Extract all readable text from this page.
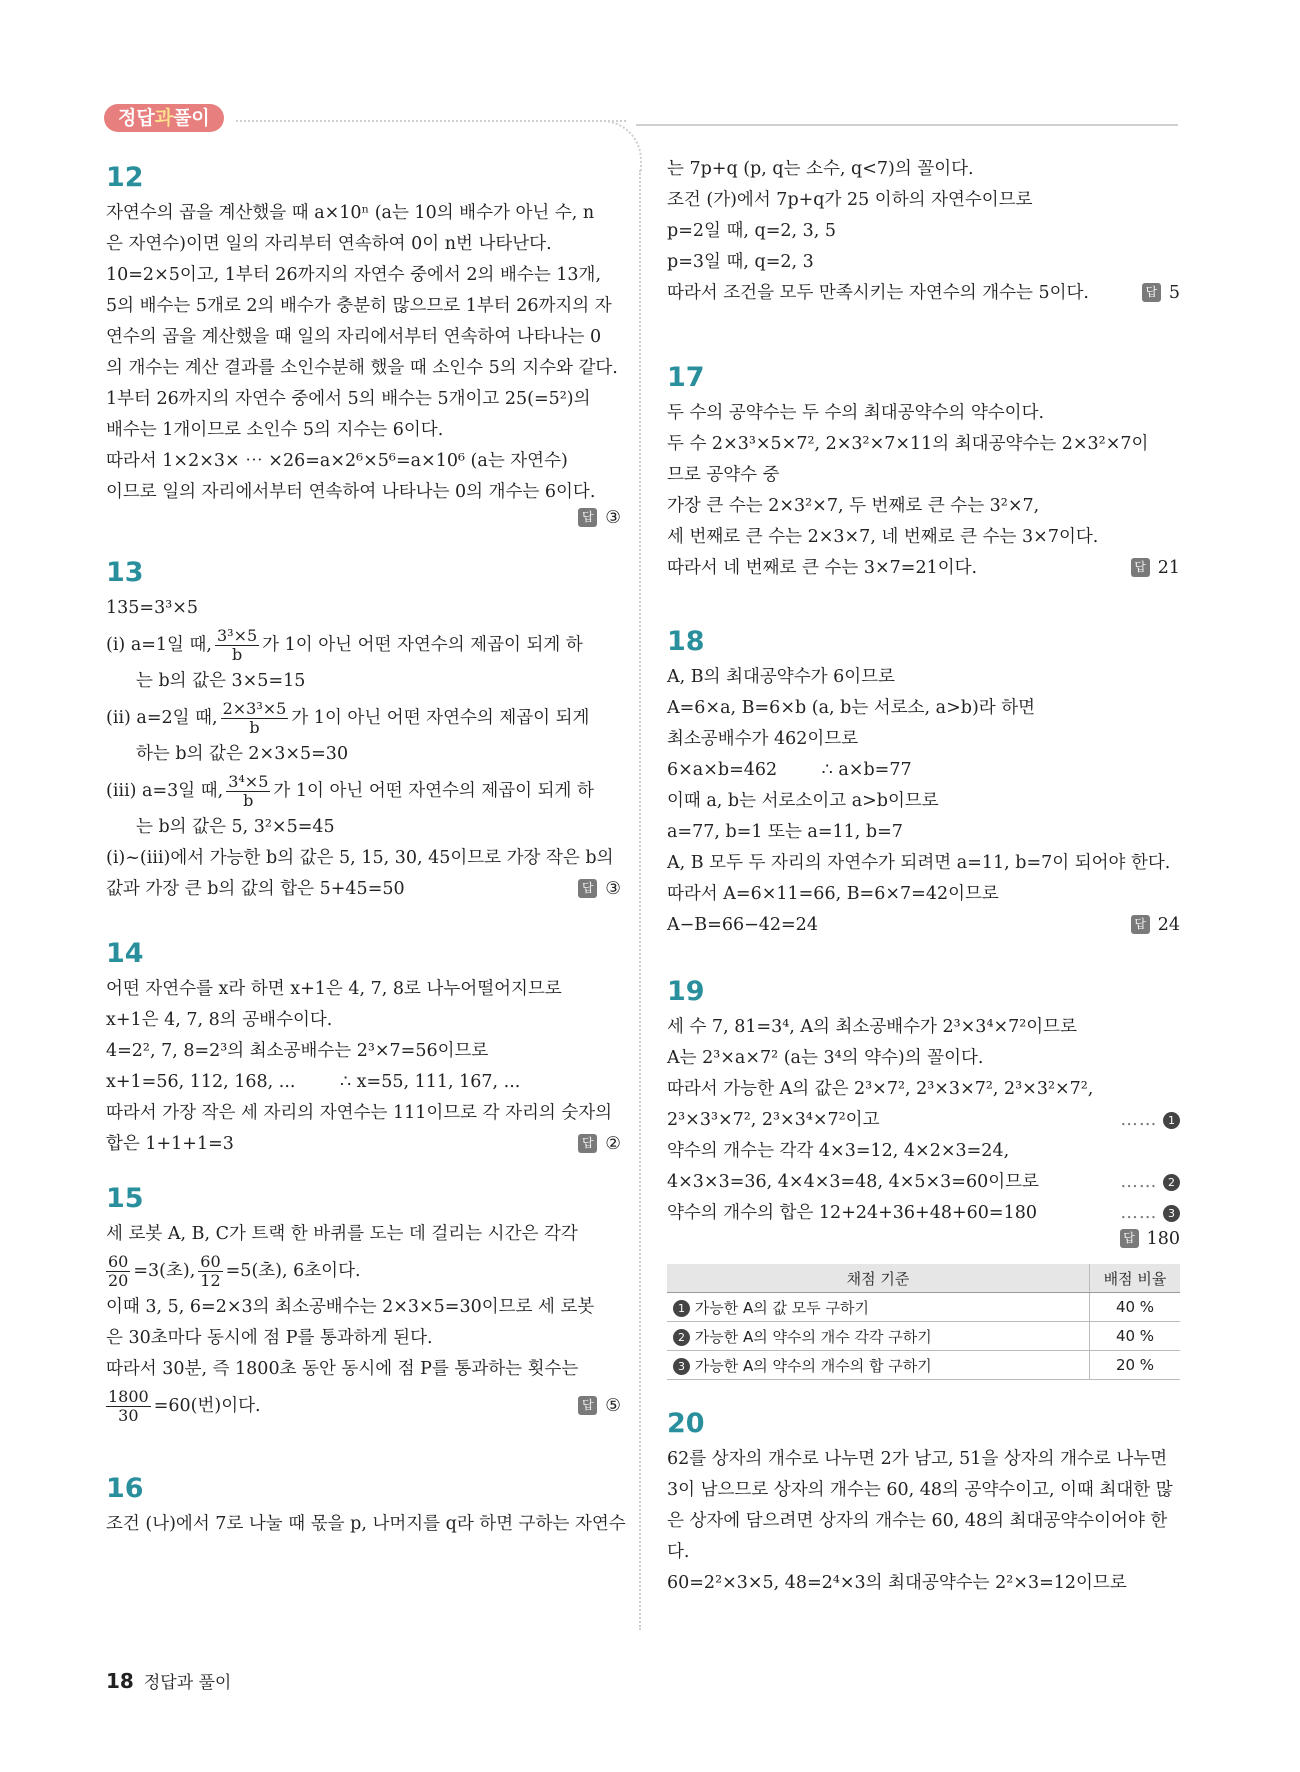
정답과풀이
12
자연수의 곱을 계산했을 때 a×10ⁿ (a는 10의 배수가 아닌 수, n
은 자연수)이면 일의 자리부터 연속하여 0이 n번 나타난다.
10=2×5이고, 1부터 26까지의 자연수 중에서 2의 배수는 13개,
5의 배수는 5개로 2의 배수가 충분히 많으므로 1부터 26까지의 자
연수의 곱을 계산했을 때 일의 자리에서부터 연속하여 나타나는 0
의 개수는 계산 결과를 소인수분해 했을 때 소인수 5의 지수와 같다.
1부터 26까지의 자연수 중에서 5의 배수는 5개이고 25(=5²)의
배수는 1개이므로 소인수 5의 지수는 6이다.
따라서 1×2×3× ⋯ ×26=a×2⁶×5⁶=a×10⁶ (a는 자연수)
이므로 일의 자리에서부터 연속하여 나타나는 0의 개수는 6이다.
답 ③
13
135=3³×5
(ⅰ) a=1일 때, $\frac{\text{3³×5}}{b}$ 가 1이 아닌 어떤 자연수의 제곱이 되게 하
는 b의 값은 3×5=15
(ⅱ) a=2일 때, $\frac{\text{2×3³×5}}{b}$ 가 1이 아닌 어떤 자연수의 제곱이 되게
하는 b의 값은 2×3×5=30
(ⅲ) a=3일 때, $\frac{\text{3⁴×5}}{b}$ 가 1이 아닌 어떤 자연수의 제곱이 되게 하
는 b의 값은 5, 3²×5=45
(ⅰ)~(ⅲ)에서 가능한 b의 값은 5, 15, 30, 45이므로 가장 작은 b의
값과 가장 큰 b의 값의 합은 5+45=50	답 ③
14
어떤 자연수를 x라 하면 x+1은 4, 7, 8로 나누어떨어지므로
x+1은 4, 7, 8의 공배수이다.
4=2², 7, 8=2³의 최소공배수는 2³×7=56이므로
x+1=56, 112, 168, ...        ∴ x=55, 111, 167, ...
따라서 가장 작은 세 자리의 자연수는 111이므로 각 자리의 숫자의
합은 1+1+1=3	답 ②
15
세 로봇 A, B, C가 트랙 한 바퀴를 도는 데 걸리는 시간은 각각
$\frac{60}{20} =3$(초), $\frac{60}{12} =5$(초), 6초이다.
이때 3, 5, 6=2×3의 최소공배수는 2×3×5=30이므로 세 로봇
은 30초마다 동시에 점 P를 통과하게 된다.
따라서 30분, 즉 1800초 동안 동시에 점 P를 통과하는 횟수는
$\frac{1800}{30} =60$(번)이다.	답 ⑤
16
조건 (나)에서 7로 나눌 때 몫을 p, 나머지를 q라 하면 구하는 자연수
는 7p+q (p, q는 소수, q<7)의 꼴이다.
조건 (가)에서 7p+q가 25 이하의 자연수이므로
p=2일 때, q=2, 3, 5
p=3일 때, q=2, 3
따라서 조건을 모두 만족시키는 자연수의 개수는 5이다.	답 5
17
두 수의 공약수는 두 수의 최대공약수의 약수이다.
두 수 2×3³×5×7², 2×3²×7×11의 최대공약수는 2×3²×7이
므로 공약수 중
가장 큰 수는 2×3²×7, 두 번째로 큰 수는 3²×7,
세 번째로 큰 수는 2×3×7, 네 번째로 큰 수는 3×7이다.
따라서 네 번째로 큰 수는 3×7=21이다.	답 21
18
A, B의 최대공약수가 6이므로
A=6×a, B=6×b (a, b는 서로소, a>b)라 하면
최소공배수가 462이므로
6×a×b=462        ∴ a×b=77
이때 a, b는 서로소이고 a>b이므로
a=77, b=1 또는 a=11, b=7
A, B 모두 두 자리의 자연수가 되려면 a=11, b=7이 되어야 한다.
따라서 A=6×11=66, B=6×7=42이므로
A−B=66−42=24	답 24
19
세 수 7, 81=3⁴, A의 최소공배수가 2³×3⁴×7²이므로
A는 2³×a×7² (a는 3⁴의 약수)의 꼴이다.
따라서 가능한 A의 값은 2³×7², 2³×3×7², 2³×3²×7²,
2³×3³×7², 2³×3⁴×7²이고	…… 1
약수의 개수는 각각 4×3=12, 4×2×3=24,
4×3×3=36, 4×4×3=48, 4×5×3=60이므로	…… 2
약수의 개수의 합은 12+24+36+48+60=180	…… 3
답 180
채점 기준	배점 비율
1 가능한 A의 값 모두 구하기	40 %
2 가능한 A의 약수의 개수 각각 구하기	40 %
3 가능한 A의 약수의 개수의 합 구하기	20 %
20
62를 상자의 개수로 나누면 2가 남고, 51을 상자의 개수로 나누면
3이 남으므로 상자의 개수는 60, 48의 공약수이고, 이때 최대한 많
은 상자에 담으려면 상자의 개수는 60, 48의 최대공약수이어야 한
다.
60=2²×3×5, 48=2⁴×3의 최대공약수는 2²×3=12이므로
18 정답과 풀이
